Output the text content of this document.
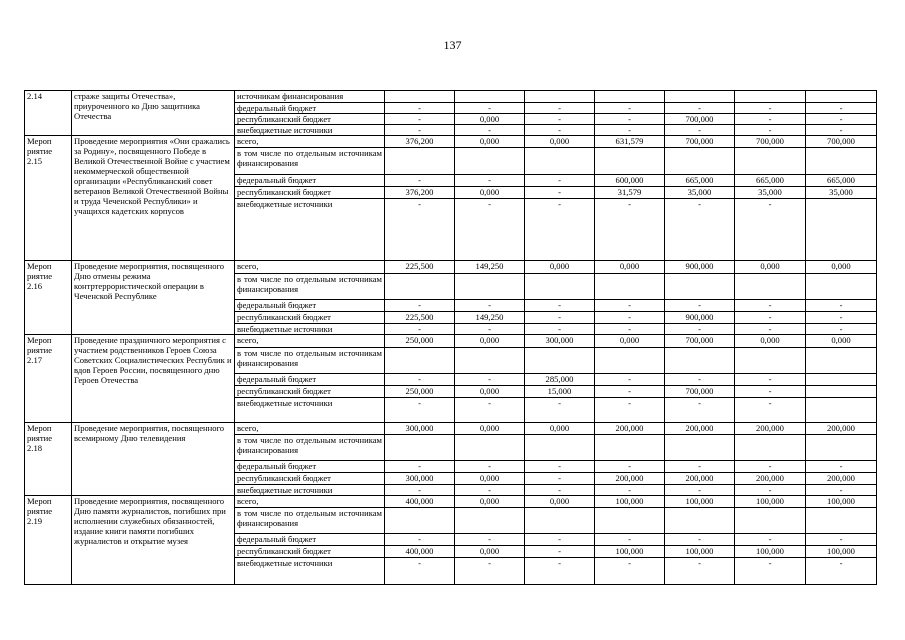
137
2.14	страже защиты Отечества», приуроченного ко Дню защитника Отечества	источникам финансирования							
		федеральный бюджет	-	-	-	-	-	-	-
		республиканский бюджет	-	0,000	-	-	700,000	-	-
		внебюджетные источники	-	-	-	-	-	-	-
Мероп риятие 2.15	Проведение мероприятия «Они сражались за Родину», посвященного Победе в Великой Отечественной Войне с участием некоммерческой общественной организации «Республиканский совет ветеранов Великой Отечественной Войны и труда Чеченской Республики» и учащихся кадетских корпусов	всего,	376,200	0,000	0,000	631,579	700,000	700,000	700,000
		в том числе по отдельным источникам финансирования							
		федеральный бюджет	-	-	-	600,000	665,000	665,000	665,000
		республиканский бюджет	376,200	0,000	-	31,579	35,000	35,000	35,000
		внебюджетные источники	-	-	-	-	-	-	
Мероп риятие 2.16	Проведение мероприятия, посвященного Дню отмены режима контртеррористической операции в Чеченской Республике	всего,	225,500	149,250	0,000	0,000	900,000	0,000	0,000
		в том числе по отдельным источникам финансирования							
		федеральный бюджет	-	-	-	-	-	-	-
		республиканский бюджет	225,500	149,250	-	-	900,000	-	-
		внебюджетные источники	-	-	-	-	-	-	-
Мероп риятие 2.17	Проведение праздничного мероприятия с участием родственников Героев Союза Советских Социалистических Республик и вдов Героев России, посвященного дню Героев Отечества	всего,	250,000	0,000	300,000	0,000	700,000	0,000	0,000
		в том числе по отдельным источникам финансирования							
		федеральный бюджет	-	-	285,000	-	-	-	
		республиканский бюджет	250,000	0,000	15,000	-	700,000	-	
		внебюджетные источники	-	-	-	-	-	-	
Мероп риятие 2.18	Проведение мероприятия, посвященного всемирному Дню телевидения	всего,	300,000	0,000	0,000	200,000	200,000	200,000	200,000
		в том числе по отдельным источникам финансирования							
		федеральный бюджет	-	-	-	-	-	-	-
		республиканский бюджет	300,000	0,000	-	200,000	200,000	200,000	200,000
		внебюджетные источники	-	-	-	-	-	-	-
Мероп риятие 2.19	Проведение мероприятия, посвященного Дню памяти журналистов, погибших при исполнении служебных обязанностей, издание книги памяти погибших журналистов и открытие музея	всего,	400,000	0,000	0,000	100,000	100,000	100,000	100,000
		в том числе по отдельным источникам финансирования							
		федеральный бюджет	-	-	-	-	-	-	-
		республиканский бюджет	400,000	0,000	-	100,000	100,000	100,000	100,000
		внебюджетные источники	-	-	-	-	-	-	-
